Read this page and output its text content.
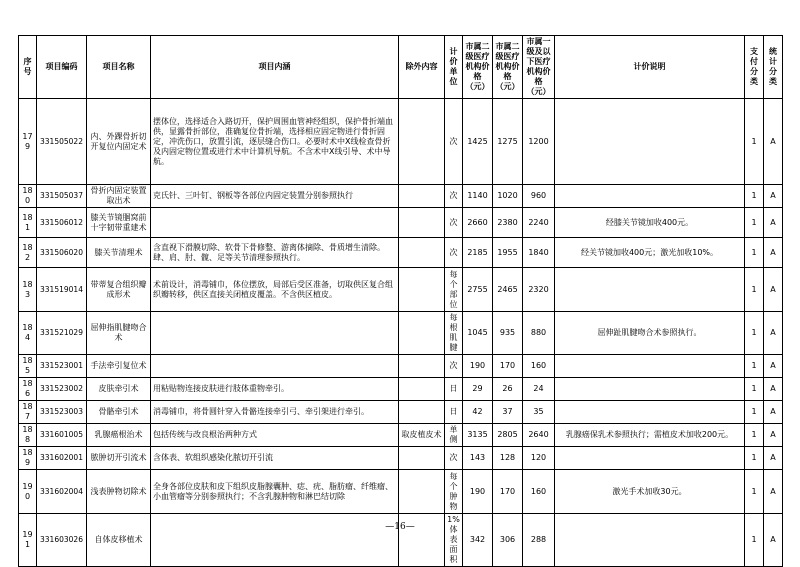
序号	项目编码	项目名称	项目内涵	除外内容	计价单位	市属二级医疗机构价格（元）	市属二级医疗机构价格（元）	市属一级及以下医疗机构价格（元）	计价说明	支付分类	统计分类
179	331505022	内、外踝骨折切开复位内固定术	摆体位，选择适合入路切开，保护周围血管神经组织，保护骨折端血供，显露骨折部位，准确复位骨折端，选择相应固定物进行骨折固定，冲洗伤口，放置引流，逐层缝合伤口。必要时术中X线检查骨折及内固定物位置或进行术中计算机导航。不含术中X线引导、术中导航。		次	1425	1275	1200		1	A
180	331505037	骨折内固定装置取出术	克氏针、三叶钉、钢板等各部位内固定装置分别参照执行		次	1140	1020	960		1	A
181	331506012	膝关节镜腘窝前十字韧带重建术			次	2660	2380	2240	经膝关节镜加收400元。	1	A
182	331506020	膝关节清理术	含直视下滑膜切除、软骨下骨修整、游离体摘除、骨质增生清除。肆、肩、肘、髋、足等关节清理参照执行。		次	2185	1955	1840	经关节镜加收400元；激光加收10%。	1	A
183	331519014	带蒂复合组织瓣成形术	术前设计，消毒铺巾，体位摆放，局部后受区准备，切取供区复合组织瓣转移，供区直接关闭植皮覆盖。不含供区植皮。		每个部位	2755	2465	2320		1	A
184	331521029	屈伸指肌腱吻合术			每根肌腱	1045	935	880	屈伸趾肌腱吻合术参照执行。	1	A
185	331523001	手法牵引复位术			次	190	170	160		1	A
186	331523002	皮肤牵引术	用粘贴物连接皮肤进行肢体重物牵引。		日	29	26	24		1	A
187	331523003	骨骼牵引术	消毒铺巾，将骨圆针穿入骨骼连接牵引弓、牵引架进行牵引。		日	42	37	35		1	A
188	331601005	乳腺癌根治术	包括传统与改良根治两种方式	取皮植皮术	单侧	3135	2805	2640	乳腺癌保乳术参照执行；需植皮术加收200元。	1	A
189	331602001	脓肿切开引流术	含体表、软组织感染化脓切开引流		次	143	128	120		1	A
190	331602004	浅表肿物切除术	全身各部位皮肤和皮下组织皮脂腺囊肿、痣、疣、脂肪瘤、纤维瘤、小血管瘤等分别参照执行；不含乳腺肿物和淋巴结切除		每个肿物	190	170	160	激光手术加收30元。	1	A
191	331603026	自体皮移植术			1%体表面积	342	306	288		1	A
—16—
